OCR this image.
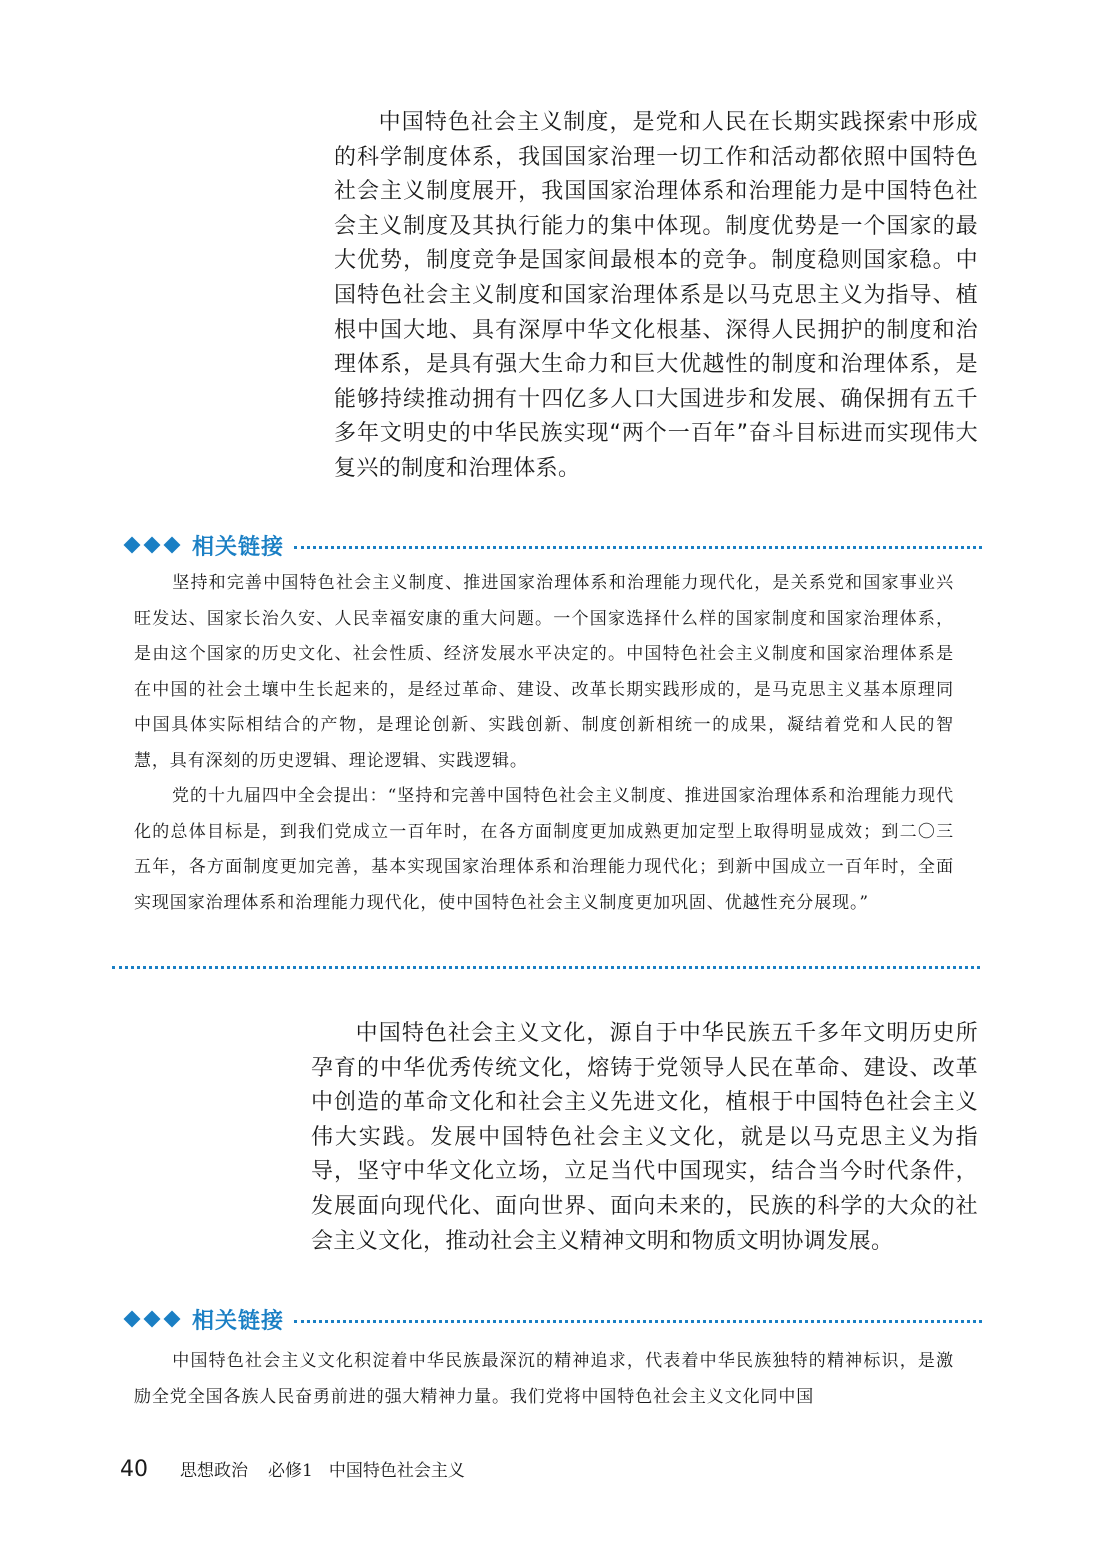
中国特色社会主义制度，是党和人民在长期实践探索中形成的科学制度体系，我国国家治理一切工作和活动都依照中国特色社会主义制度展开，我国国家治理体系和治理能力是中国特色社会主义制度及其执行能力的集中体现。制度优势是一个国家的最大优势，制度竞争是国家间最根本的竞争。制度稳则国家稳。中国特色社会主义制度和国家治理体系是以马克思主义为指导、植根中国大地、具有深厚中华文化根基、深得人民拥护的制度和治理体系，是具有强大生命力和巨大优越性的制度和治理体系，是能够持续推动拥有十四亿多人口大国进步和发展、确保拥有五千多年文明史的中华民族实现“两个一百年”奋斗目标进而实现伟大复兴的制度和治理体系。

相关链接

坚持和完善中国特色社会主义制度、推进国家治理体系和治理能力现代化，是关系党和国家事业兴旺发达、国家长治久安、人民幸福安康的重大问题。一个国家选择什么样的国家制度和国家治理体系，是由这个国家的历史文化、社会性质、经济发展水平决定的。中国特色社会主义制度和国家治理体系是在中国的社会土壤中生长起来的，是经过革命、建设、改革长期实践形成的，是马克思主义基本原理同中国具体实际相结合的产物，是理论创新、实践创新、制度创新相统一的成果，凝结着党和人民的智慧，具有深刻的历史逻辑、理论逻辑、实践逻辑。

党的十九届四中全会提出：“坚持和完善中国特色社会主义制度、推进国家治理体系和治理能力现代化的总体目标是，到我们党成立一百年时，在各方面制度更加成熟更加定型上取得明显成效；到二〇三五年，各方面制度更加完善，基本实现国家治理体系和治理能力现代化；到新中国成立一百年时，全面实现国家治理体系和治理能力现代化，使中国特色社会主义制度更加巩固、优越性充分展现。”

中国特色社会主义文化，源自于中华民族五千多年文明历史所孕育的中华优秀传统文化，熔铸于党领导人民在革命、建设、改革中创造的革命文化和社会主义先进文化，植根于中国特色社会主义伟大实践。发展中国特色社会主义文化，就是以马克思主义为指导，坚守中华文化立场，立足当代中国现实，结合当今时代条件，发展面向现代化、面向世界、面向未来的，民族的科学的大众的社会主义文化，推动社会主义精神文明和物质文明协调发展。

相关链接

中国特色社会主义文化积淀着中华民族最深沉的精神追求，代表着中华民族独特的精神标识，是激励全党全国各族人民奋勇前进的强大精神力量。我们党将中国特色社会主义文化同中国

40 思想政治 必修1 中国特色社会主义
